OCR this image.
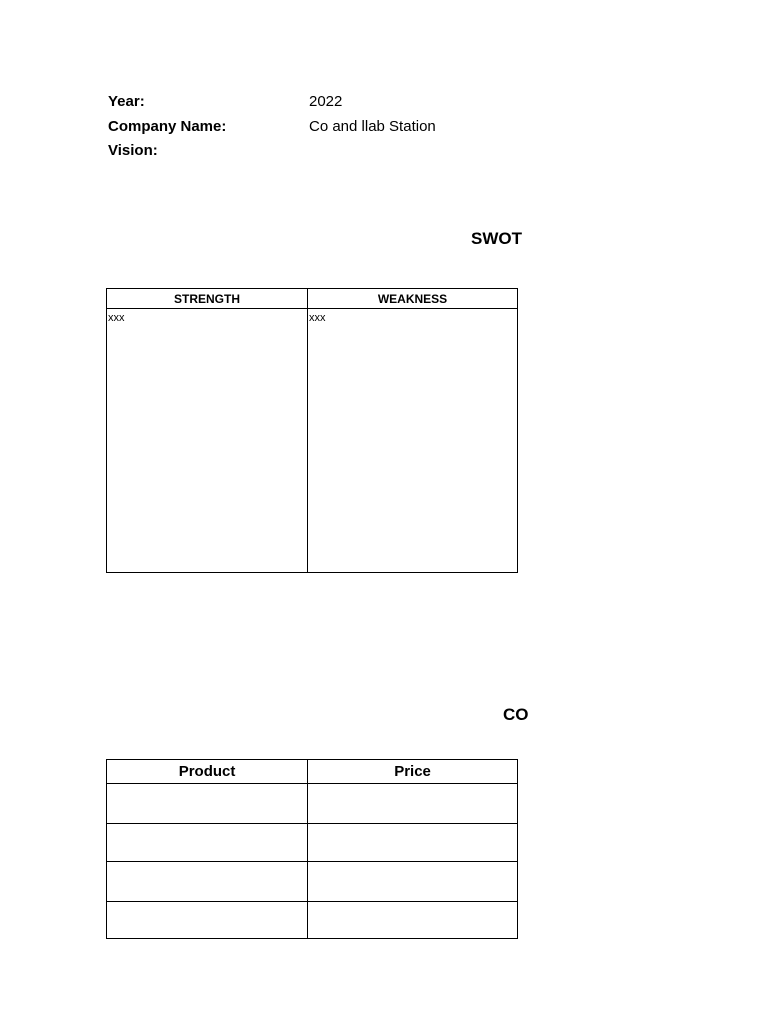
Year:	2022
Company Name:	Co and llab Station
Vision:
SWOT
STRENGTH	WEAKNESS
xxx	xxx
CO
Product	Price
